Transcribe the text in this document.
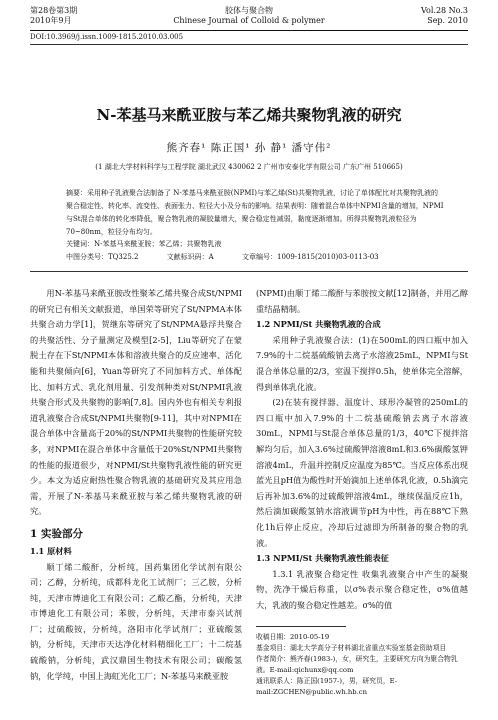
第28卷第3期
2010年9月
胶体与聚合物
Chinese Journal of Colloid & polymer
Vol.28 No.3
Sep. 2010
DOI:10.3969/j.issn.1009-1815.2010.03.005
N-苯基马来酰亚胺与苯乙烯共聚物乳液的研究
熊齐春¹ 陈正国¹ 孙 静¹ 潘守伟²
(1 湖北大学材料科学与工程学院 湖北武汉 430062 2 广州市安泰化学有限公司 广东广州 510665)

摘要：采用种子乳液聚合法制备了 N-苯基马来酰亚胺(NPMI)与苯乙烯(St)共聚物乳液，讨论了单体配比对共聚物乳液的聚合稳定性、转化率、流变性、表面张力、粒径大小及分布的影响。结果表明：随着混合单体中NPMI含量的增加，NPMI与St混合单体的转化率降低，聚合物乳液的凝胶量增大，聚合稳定性减弱，黏度逐渐增加。所得共聚物乳液粒径为70~80nm，粒径分布均匀。

关键词：N-苯基马来酰亚胺；苯乙烯；共聚物乳液
中图分类号：TQ325.2	文献标识码：A	文章编号：1009-1815(2010)03-0113-03

用N-苯基马来酰亚胺改性聚苯乙烯共聚合成St/NPMI的研究已有相关文献报道，单国荣等研究了St/NPMA本体共聚合动力学[1]，贺继东等研究了St/NPMA悬浮共聚合的共聚活性、分子量测定及模型[2-5]，Liu等研究了在蒙脱土存在下St/NPMI本体和溶液共聚合的反应速率、活化能和共聚倾向[6]，Yuan等研究了不同加料方式、单体配比、加料方式、乳化剂用量、引发剂种类对St/NPMI乳液共聚合形式及共聚物的影响[7,8]。国内外也有相关专利报道乳液聚合合成St/NPMI共聚物[9-11]，其中对NPMI在混合单体中含量高于20%的St/NPMI共聚物的性能研究较多，对NPMI在混合单体中含量低于20%St/NPMI共聚物的性能的报道很少，对NPMI/St共聚物乳液性能的研究更少。本文为适应耐热性聚合物乳液的基础研究及其应用急需，开展了N-苯基马来酰亚胺与苯乙烯共聚物乳液的研究。

1 实验部分
1.1 原材料

顺丁烯二酸酐，分析纯，国药集团化学试剂有限公司；乙醇，分析纯，成都科龙化工试剂厂；三乙胺，分析纯，天津市博迪化工有限公司；乙酸乙酯，分析纯，天津市博迪化工有限公司；苯胺，分析纯，天津市泰兴试剂厂；过硫酸铵，分析纯，洛阳市化学试剂厂；亚硫酸氢钠，分析纯，天津市天达净化材料精细化工厂；十二烷基硫酸钠，分析纯，武汉鼎国生物技术有限公司；碳酸氢钠，化学纯，中国上海虹光化工厂；N-苯基马来酰亚胺

(NPMI)由顺丁烯二酸酐与苯胺按文献[12]制备，并用乙醇重结晶精制。

1.2 NPMI/St 共聚物乳液的合成

采用种子乳液聚合法：(1)在500mL的四口瓶中加入7.9%的十二烷基硫酸钠去离子水溶液25mL，NPMI与St混合单体总量的2/3，室温下搅拌0.5h，使单体完全溶解，得到单体乳化液。

(2)在装有搅拌器、温度计、球形冷凝管的250mL的四口瓶中加入7.9%的十二烷基硫酸钠去离子水溶液30mL，NPMI与St混合单体总量的1/3，40℃下搅拌溶解均匀后，加入3.6%过硫酸钾溶液8mL和3.6%碳酸氢钾溶液4mL，升温并控制反应温度为85℃。当反应体系出现蓝光且pH值为酸性时开始滴加上述单体乳化液，0.5h滴完后再补加3.6%的过硫酸钾溶液4mL，继续保温反应1h，然后滴加碳酸氢钠水溶液调节pH为中性，再在88℃下熟化1h后停止反应，冷却后过滤即为所制备的聚合物的乳液。

1.3 NPMI/St 共聚物乳液性能表征

1.3.1 乳液聚合稳定性 收集乳液聚合中产生的凝聚物，洗净干燥后称重，以σ%表示聚合稳定性，σ%值越大，乳液的聚合稳定性越差。σ%的值

收稿日期：2010-05-19
基金项目：湖北大学高分子材料湖北省重点实验室基金资助项目
作者简介：熊齐春(1983-)，女，研究生，主要研究方向为聚合物乳液。E-mail:qichunx@qq.com
通讯联系人：陈正国(1957-)，男，研究员，E-mail:ZGCHEN@public.wh.hb.cn
